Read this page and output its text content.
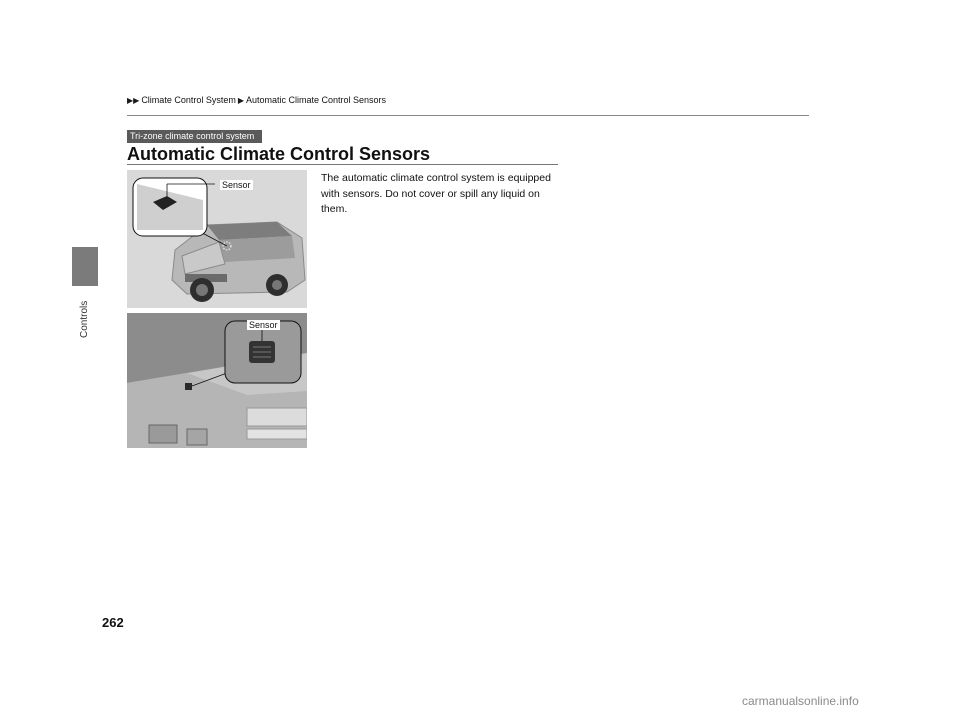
Controls
▶▶ Climate Control System ▶ Automatic Climate Control Sensors
Tri-zone climate control system
Automatic Climate Control Sensors
The automatic climate control system is equipped with sensors. Do not cover or spill any liquid on them.
Sensor
Sensor
262
carmanualsonline.info
